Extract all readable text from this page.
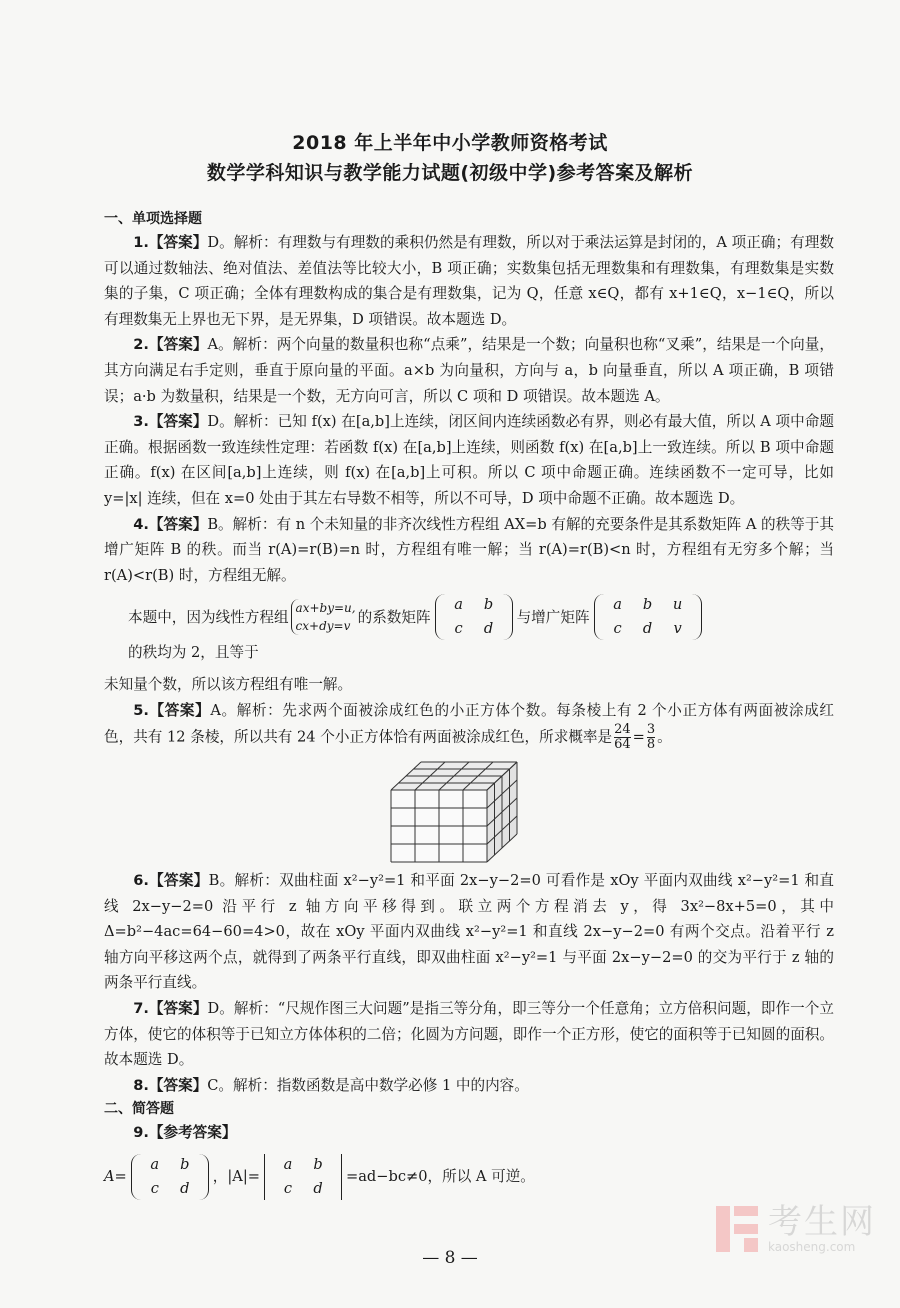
2018 年上半年中小学教师资格考试
数学学科知识与教学能力试题(初级中学)参考答案及解析
一、单项选择题
1.【答案】D。解析：有理数与有理数的乘积仍然是有理数，所以对于乘法运算是封闭的，A 项正确；有理数可以通过数轴法、绝对值法、差值法等比较大小，B 项正确；实数集包括无理数集和有理数集，有理数集是实数集的子集，C 项正确；全体有理数构成的集合是有理数集，记为 Q，任意 x∈Q，都有 x+1∈Q，x−1∈Q，所以有理数集无上界也无下界，是无界集，D 项错误。故本题选 D。
2.【答案】A。解析：两个向量的数量积也称“点乘”，结果是一个数；向量积也称“叉乘”，结果是一个向量，其方向满足右手定则，垂直于原向量的平面。a×b 为向量积，方向与 a，b 向量垂直，所以 A 项正确，B 项错误；a·b 为数量积，结果是一个数，无方向可言，所以 C 项和 D 项错误。故本题选 A。
3.【答案】D。解析：已知 f(x) 在[a,b]上连续，闭区间内连续函数必有界，则必有最大值，所以 A 项中命题正确。根据函数一致连续性定理：若函数 f(x) 在[a,b]上连续，则函数 f(x) 在[a,b]上一致连续。所以 B 项中命题正确。f(x) 在区间[a,b]上连续，则 f(x) 在[a,b]上可积。所以 C 项中命题正确。连续函数不一定可导，比如 y=|x| 连续，但在 x=0 处由于其左右导数不相等，所以不可导，D 项中命题不正确。故本题选 D。
4.【答案】B。解析：有 n 个未知量的非齐次线性方程组 AX=b 有解的充要条件是其系数矩阵 A 的秩等于其增广矩阵 B 的秩。而当 r(A)=r(B)=n 时，方程组有唯一解；当 r(A)=r(B)<n 时，方程组有无穷多个解；当 r(A)<r(B) 时，方程组无解。
本题中，因为线性方程组
ax+by=u,
cx+dy=v
的系数矩阵
a	b
c	d
与增广矩阵
a	b	u
c	d	v
的秩均为 2，且等于
未知量个数，所以该方程组有唯一解。
5.【答案】A。解析：先求两个面被涂成红色的小正方体个数。每条棱上有 2 个小正方体有两面被涂成红色，共有 12 条棱，所以共有 24 个小正方体恰有两面被涂成红色，所求概率是 $\frac{24}{64} = \frac{3}{8}$ 。
6.【答案】B。解析：双曲柱面 x²−y²=1 和平面 2x−y−2=0 可看作是 xOy 平面内双曲线 x²−y²=1 和直线 2x−y−2=0 沿平行 z 轴方向平移得到。联立两个方程消去 y，得 3x²−8x+5=0，其中 Δ=b²−4ac=64−60=4>0，故在 xOy 平面内双曲线 x²−y²=1 和直线 2x−y−2=0 有两个交点。沿着平行 z 轴方向平移这两个点，就得到了两条平行直线，即双曲柱面 x²−y²=1 与平面 2x−y−2=0 的交为平行于 z 轴的两条平行直线。
7.【答案】D。解析：“尺规作图三大问题”是指三等分角，即三等分一个任意角；立方倍积问题，即作一个立方体，使它的体积等于已知立方体体积的二倍；化圆为方问题，即作一个正方形，使它的面积等于已知圆的面积。故本题选 D。
8.【答案】C。解析：指数函数是高中数学必修 1 中的内容。
二、简答题
9.【参考答案】
A=
a	b
c	d
，|A|=
a	b
c	d
=ad−bc≠0，所以 A 可逆。
— 8 —
考生网
kaosheng.com
